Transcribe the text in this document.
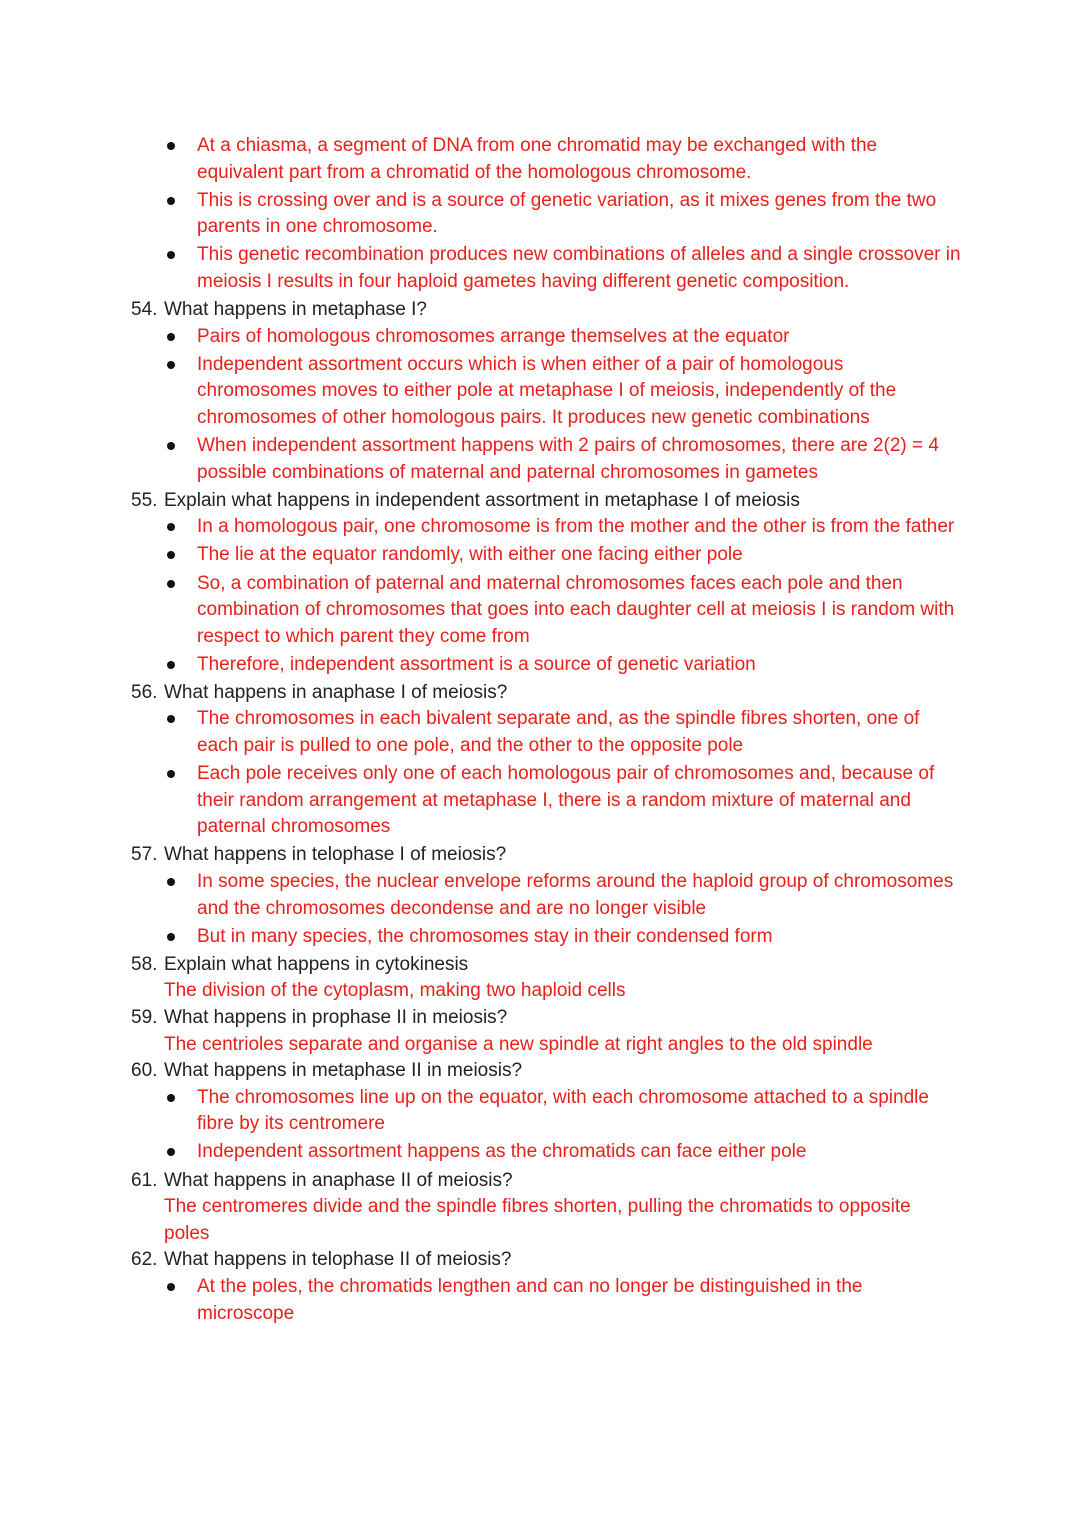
At a chiasma, a segment of DNA from one chromatid may be exchanged with the equivalent part from a chromatid of the homologous chromosome.
This is crossing over and is a source of genetic variation, as it mixes genes from the two parents in one chromosome.
This genetic recombination produces new combinations of alleles and a single crossover in meiosis I results in four haploid gametes having different genetic composition.

54. What happens in metaphase I?

Pairs of homologous chromosomes arrange themselves at the equator
Independent assortment occurs which is when either of a pair of homologous chromosomes moves to either pole at metaphase I of meiosis, independently of the chromosomes of other homologous pairs. It produces new genetic combinations
When independent assortment happens with 2 pairs of chromosomes, there are 2(2) = 4 possible combinations of maternal and paternal chromosomes in gametes

55. Explain what happens in independent assortment in metaphase I of meiosis

In a homologous pair, one chromosome is from the mother and the other is from the father
The lie at the equator randomly, with either one facing either pole
So, a combination of paternal and maternal chromosomes faces each pole and then combination of chromosomes that goes into each daughter cell at meiosis I is random with respect to which parent they come from
Therefore, independent assortment is a source of genetic variation

56. What happens in anaphase I of meiosis?

The chromosomes in each bivalent separate and, as the spindle fibres shorten, one of each pair is pulled to one pole, and the other to the opposite pole
Each pole receives only one of each homologous pair of chromosomes and, because of their random arrangement at metaphase I, there is a random mixture of maternal and paternal chromosomes

57. What happens in telophase I of meiosis?

In some species, the nuclear envelope reforms around the haploid group of chromosomes and the chromosomes decondense and are no longer visible
But in many species, the chromosomes stay in their condensed form

58. Explain what happens in cytokinesis

The division of the cytoplasm, making two haploid cells

59. What happens in prophase II in meiosis?

The centrioles separate and organise a new spindle at right angles to the old spindle

60. What happens in metaphase II in meiosis?

The chromosomes line up on the equator, with each chromosome attached to a spindle fibre by its centromere
Independent assortment happens as the chromatids can face either pole

61. What happens in anaphase II of meiosis?

The centromeres divide and the spindle fibres shorten, pulling the chromatids to opposite poles

62. What happens in telophase II of meiosis?

At the poles, the chromatids lengthen and can no longer be distinguished in the microscope
